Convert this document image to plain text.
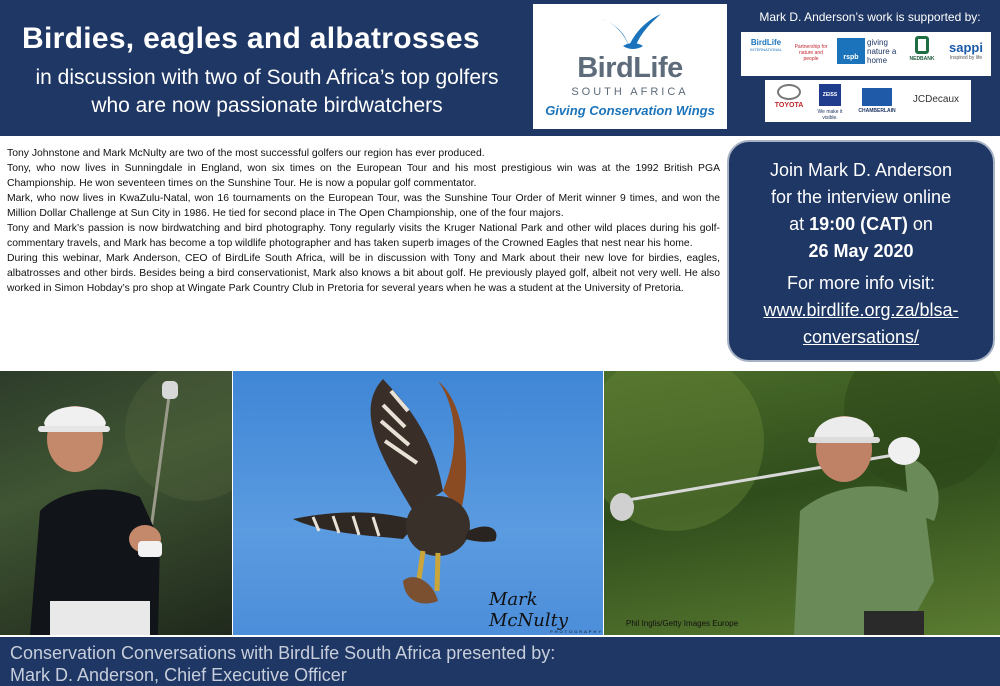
Birdies, eagles and albatrosses
in discussion with two of South Africa’s top golfers
who are now passionate birdwatchers
BirdLife
SOUTH AFRICA
Giving Conservation Wings
Mark D. Anderson’s work is supported by:
BirdLife
INTERNATIONAL	Partnership for nature and people	rspb
giving nature a home	NEDBANK
sappi
Inspired by life
TOYOTA
ZEISS
We make it visible.
CHAMBERLAIN
JCDecaux

Tony Johnstone and Mark McNulty are two of the most successful golfers our region has ever produced.

Tony, who now lives in Sunningdale in England, won six times on the European Tour and his most prestigious win was at the 1992 British PGA Championship. He won seventeen times on the Sunshine Tour. He is now a popular golf commentator.

Mark, who now lives in KwaZulu-Natal, won 16 tournaments on the European Tour, was the Sunshine Tour Order of Merit winner 9 times, and won the Million Dollar Challenge at Sun City in 1986. He tied for second place in The Open Championship, one of the four majors.

Tony and Mark’s passion is now birdwatching and bird photography. Tony regularly visits the Kruger National Park and other wild places during his golf-commentary travels, and Mark has become a top wildlife photographer and has taken superb images of the Crowned Eagles that nest near his home.

During this webinar, Mark Anderson, CEO of BirdLife South Africa, will be in discussion with Tony and Mark about their new love for birdies, eagles, albatrosses and other birds. Besides being a bird conservationist, Mark also knows a bit about golf. He previously played golf, albeit not very well. He also worked in Simon Hobday’s pro shop at Wingate Park Country Club in Pretoria for several years when he was a student at the University of Pretoria.

Join Mark D. Anderson
for the interview online
at 19:00 (CAT) on
26 May 2020
For more info visit:
www.birdlife.org.za/blsa-
conversations/
Mark McNulty
PHOTOGRAPHY
Phil Inglis/Getty Images Europe
Conservation Conversations with BirdLife South Africa presented by:
Mark D. Anderson, Chief Executive Officer
